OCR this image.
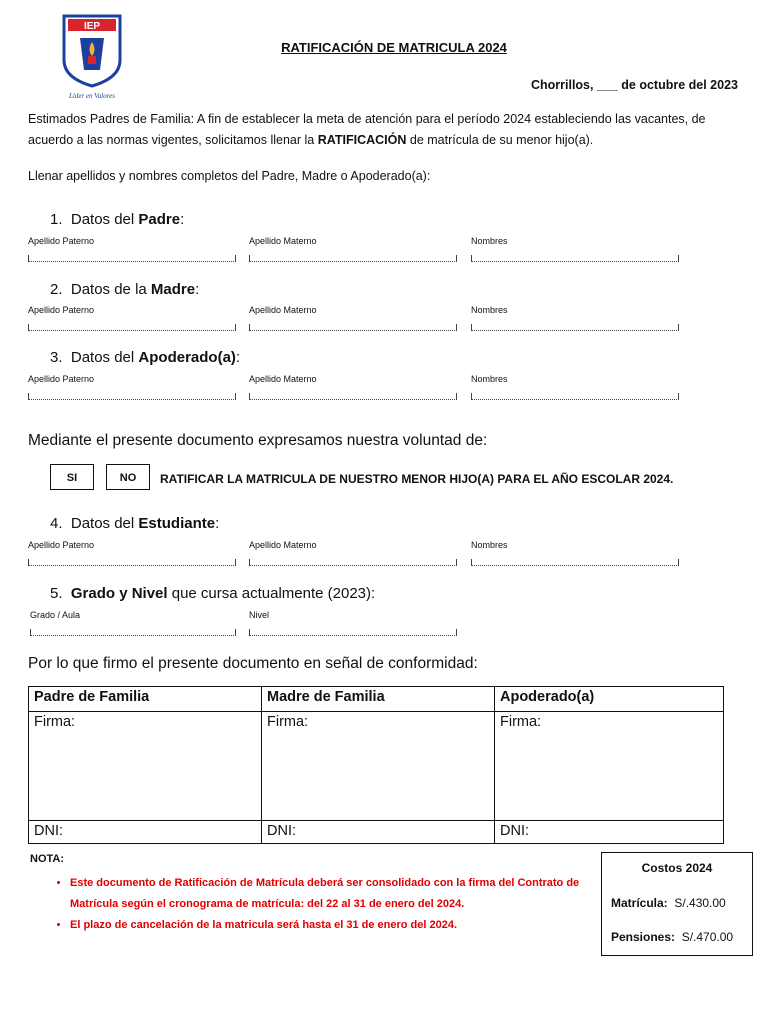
IEP
Líder en Valores
RATIFICACIÓN DE MATRICULA 2024
Chorrillos, ___ de octubre del 2023
Estimados Padres de Familia: A fin de establecer la meta de atención para el período 2024 estableciendo las vacantes, de acuerdo a las normas vigentes, solicitamos llenar la RATIFICACIÓN de matrícula de su menor hijo(a).
Llenar apellidos y nombres completos del Padre, Madre o Apoderado(a):
1. Datos del Padre:
Apellido Paterno	Apellido Materno	Nombres
2. Datos de la Madre:
Apellido Paterno	Apellido Materno	Nombres
3. Datos del Apoderado(a):
Apellido Paterno	Apellido Materno	Nombres
Mediante el presente documento expresamos nuestra voluntad de:
SI	NO	RATIFICAR LA MATRICULA DE NUESTRO MENOR HIJO(A) PARA EL AÑO ESCOLAR 2024.
4. Datos del Estudiante:
Apellido Paterno	Apellido Materno	Nombres
5. Grado y Nivel que cursa actualmente (2023):
Grado / Aula	Nivel
Por lo que firmo el presente documento en señal de conformidad:
Padre de Familia	Madre de Familia	Apoderado(a)
Firma:	Firma:	Firma:
DNI:	DNI:	DNI:
NOTA:
• Este documento de Ratificación de Matrícula deberá ser consolidado con la firma del Contrato de Matrícula según el cronograma de matrícula: del 22 al 31 de enero del 2024.
• El plazo de cancelación de la matricula será hasta el 31 de enero del 2024.
Costos 2024
Matrícula: S/.430.00
Pensiones: S/.470.00
